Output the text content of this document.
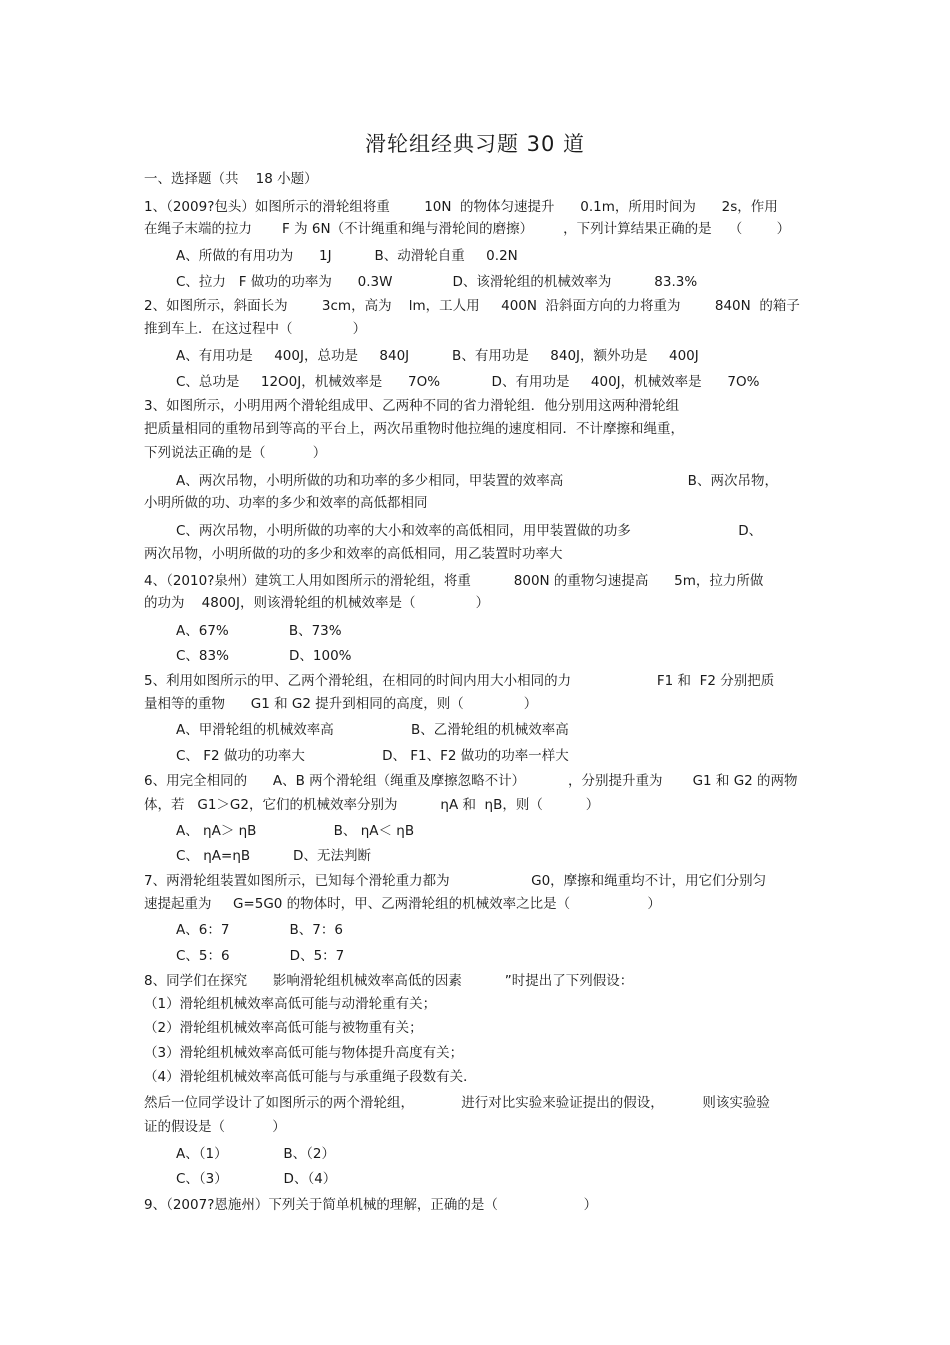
滑轮组经典习题 30 道
一、选择题（共    18 小题）
1、（2009?包头）如图所示的滑轮组将重        10N  的物体匀速提升      0.1m，所用时间为      2s，作用
在绳子末端的拉力       F 为 6N（不计绳重和绳与滑轮间的磨擦）       ，下列计算结果正确的是    （        ）
A、所做的有用功为      1J          B、动滑轮自重     0.2N
C、拉力   F 做功的功率为      0.3W              D、该滑轮组的机械效率为          83.3%
2、如图所示，斜面长为        3cm，高为    lm，工人用     400N  沿斜面方向的力将重为        840N  的箱子
推到车上．在这过程中（              ）
A、有用功是     400J，总功是     840J          B、有用功是     840J，额外功是     400J
C、总功是     12O0J，机械效率是      7O%            D、有用功是     400J，机械效率是      7O%
3、如图所示，小明用两个滑轮组成甲、乙两种不同的省力滑轮组．他分别用这两种滑轮组
把质量相同的重物吊到等高的平台上，两次吊重物时他拉绳的速度相同．不计摩擦和绳重，
下列说法正确的是（           ）
A、两次吊物，小明所做的功和功率的多少相同，甲装置的效率高                             B、两次吊物，
小明所做的功、功率的多少和效率的高低都相同
C、两次吊物，小明所做的功率的大小和效率的高低相同，用甲装置做的功多                         D、
两次吊物，小明所做的功的多少和效率的高低相同，用乙装置时功率大
4、（2010?泉州）建筑工人用如图所示的滑轮组，将重          800N 的重物匀速提高      5m，拉力所做
的功为    4800J，则该滑轮组的机械效率是（              ）
A、67%              B、73%
C、83%              D、100%
5、利用如图所示的甲、乙两个滑轮组，在相同的时间内用大小相同的力                    F1 和  F2 分别把质
量相等的重物      G1 和 G2 提升到相同的高度，则（              ）
A、甲滑轮组的机械效率高                  B、乙滑轮组的机械效率高
C、 F2 做功的功率大                  D、 F1、F2 做功的功率一样大
6、用完全相同的      A、B 两个滑轮组（绳重及摩擦忽略不计）          ，分别提升重为       G1 和 G2 的两物
体，若   G1＞G2，它们的机械效率分别为          ηA 和  ηB，则（          ）
A、 ηA＞ ηB                  B、 ηA＜ ηB
C、 ηA=ηB          D、无法判断
7、两滑轮组装置如图所示，已知每个滑轮重力都为                   G0，摩擦和绳重均不计，用它们分别匀
速提起重为     G=5G0 的物体时，甲、乙两滑轮组的机械效率之比是（                  ）
A、6：7              B、7：6
C、5：6              D、5：7
8、同学们在探究      影响滑轮组机械效率高低的因素          ”时提出了下列假设：
（1）滑轮组机械效率高低可能与动滑轮重有关；
（2）滑轮组机械效率高低可能与被物重有关；
（3）滑轮组机械效率高低可能与物体提升高度有关；
（4）滑轮组机械效率高低可能与与承重绳子段数有关．
然后一位同学设计了如图所示的两个滑轮组，           进行对比实验来验证提出的假设，         则该实验验
证的假设是（           ）
A、（1）             B、（2）
C、（3）             D、（4）
9、（2007?恩施州）下列关于简单机械的理解，正确的是（                    ）
